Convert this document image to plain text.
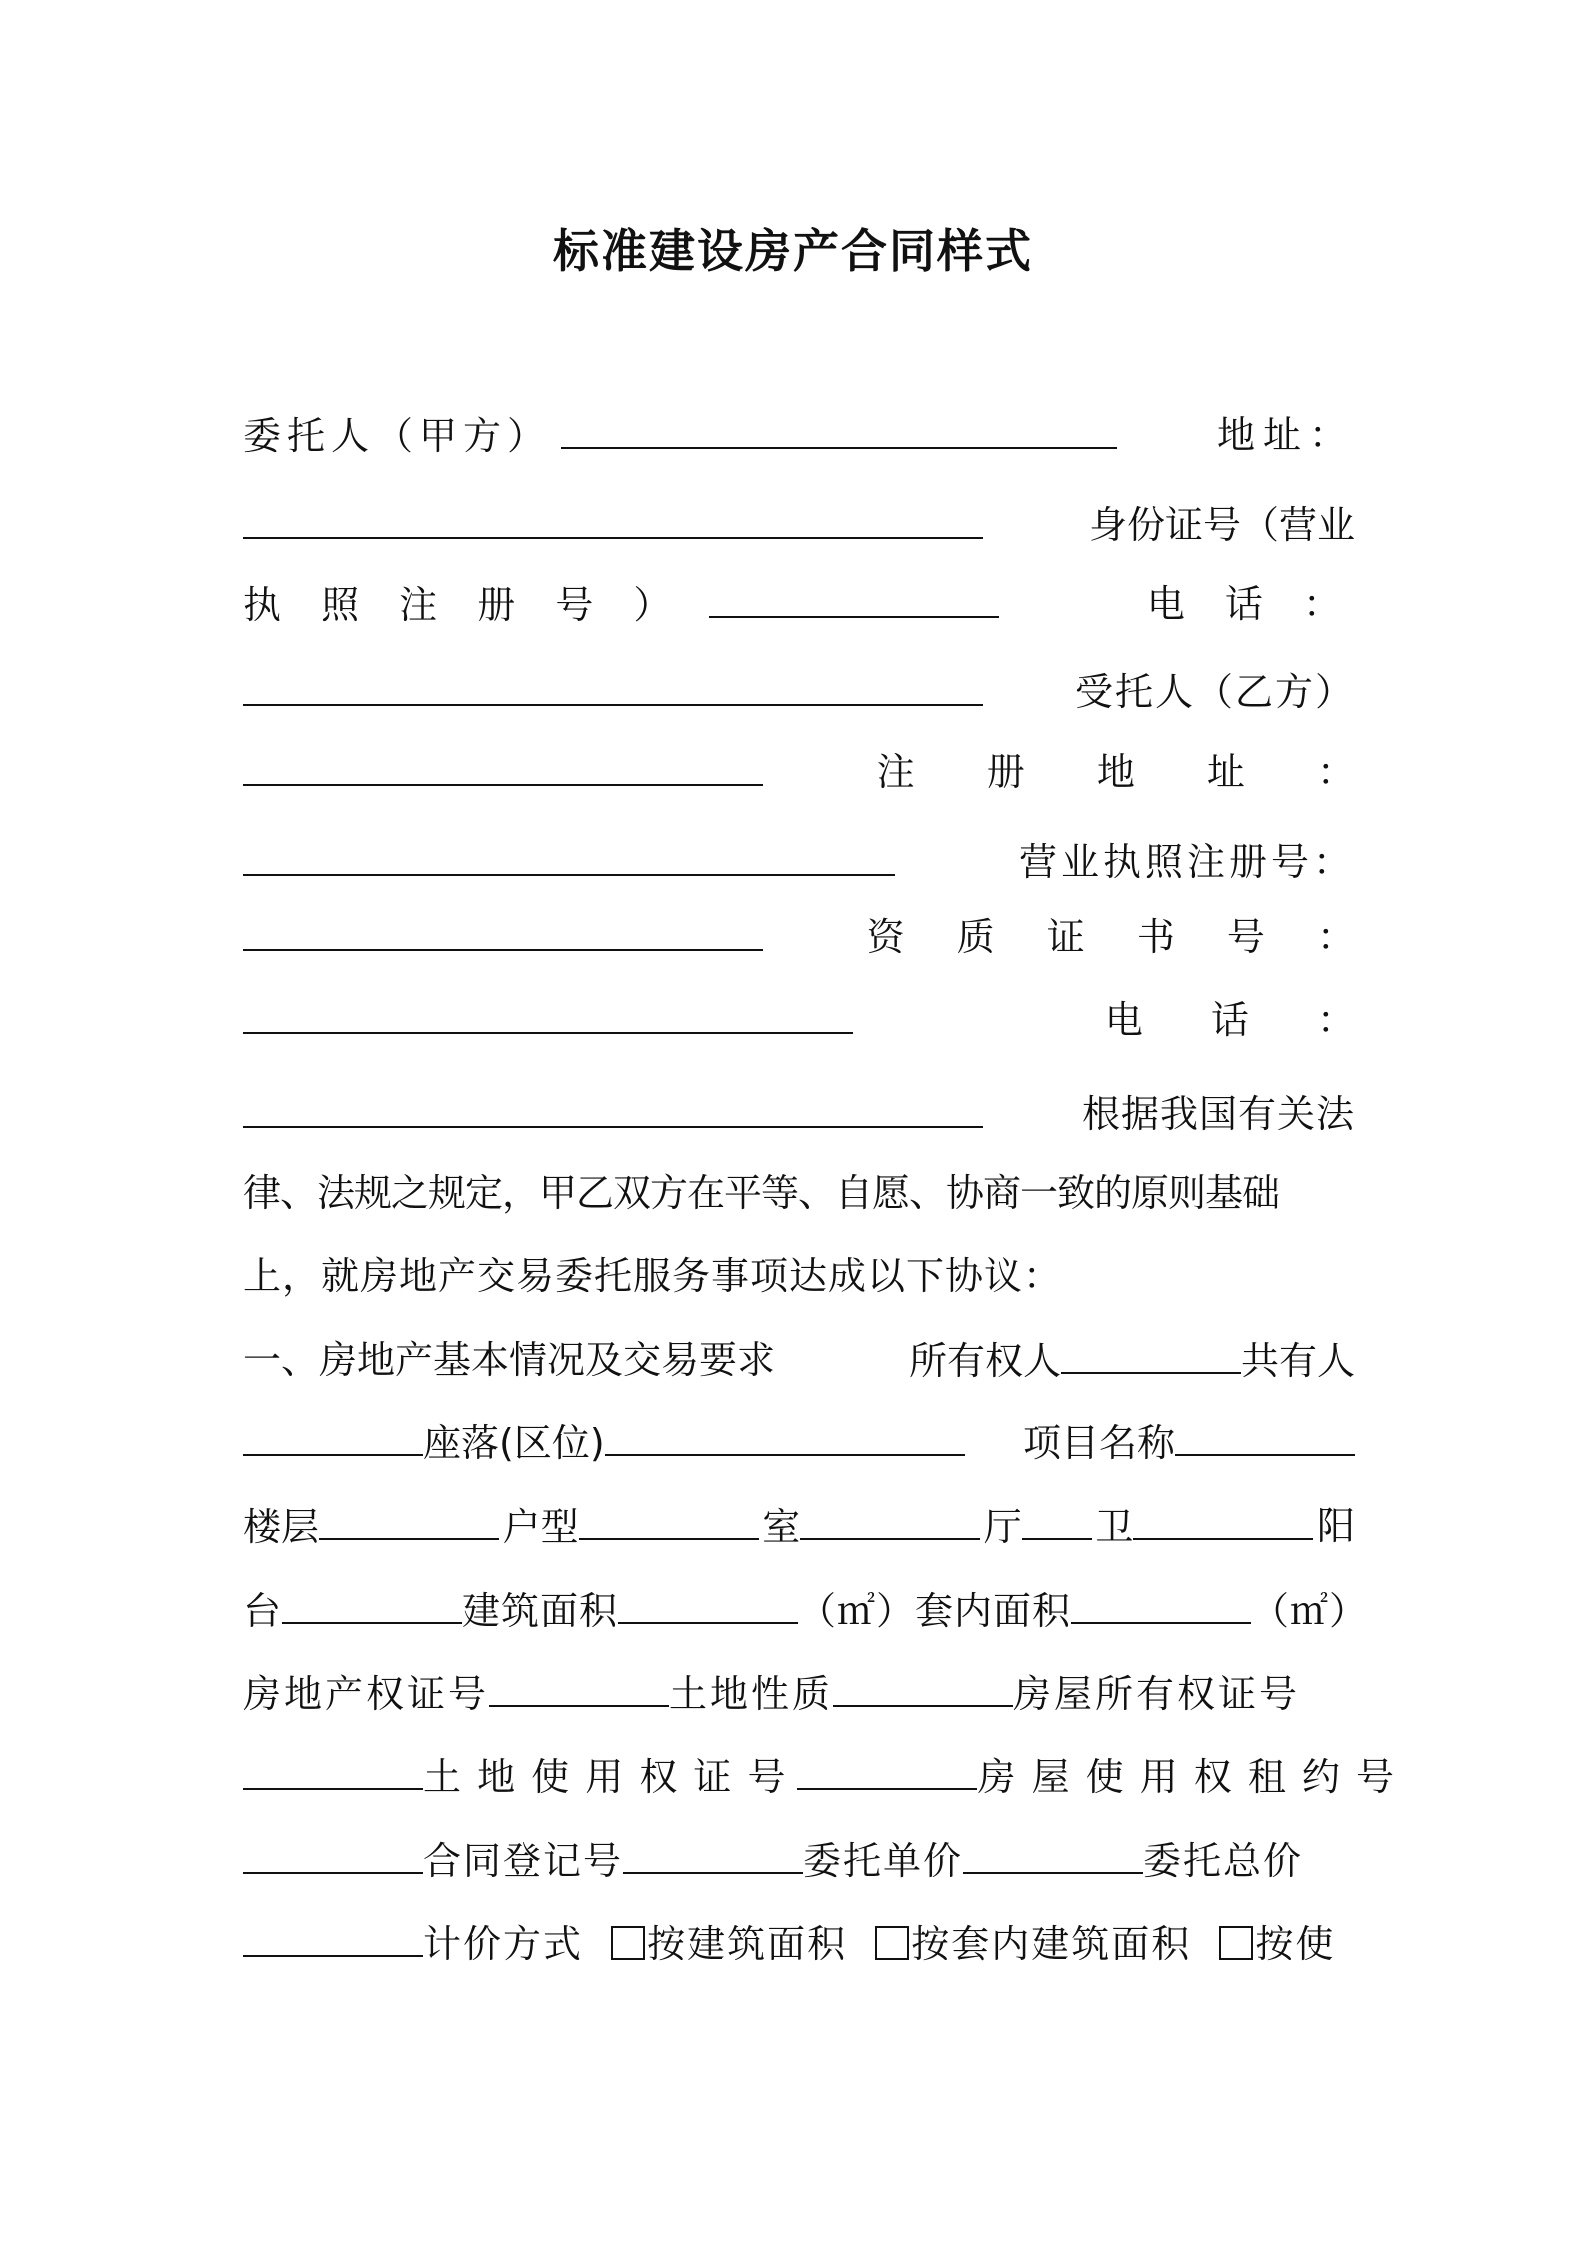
标准建设房产合同样式
委托人（甲方）	地址：
身份证号（营业
执 照 注 册 号 ）	电 话 ：
受托人（乙方）
注 册 地 址 ：
营业执照注册号：
资 质 证 书 号 ：
电 话 ：
根据我国有关法
律、法规之规定，甲乙双方在平等、自愿、协商一致的原则基础
上，就房地产交易委托服务事项达成以下协议：
一、房地产基本情况及交易要求	所有权人	共有人
座落(区位)	项目名称
楼层	户型	室	厅	卫	阳
台	建筑面积	（㎡）套内面积	（㎡）
房地产权证号	土地性质	房屋所有权证号
土 地 使 用 权 证 号	房 屋 使 用 权 租 约 号
合同登记号	委托单价	委托总价
计价方式 按建筑面积 按套内建筑面积 按使
